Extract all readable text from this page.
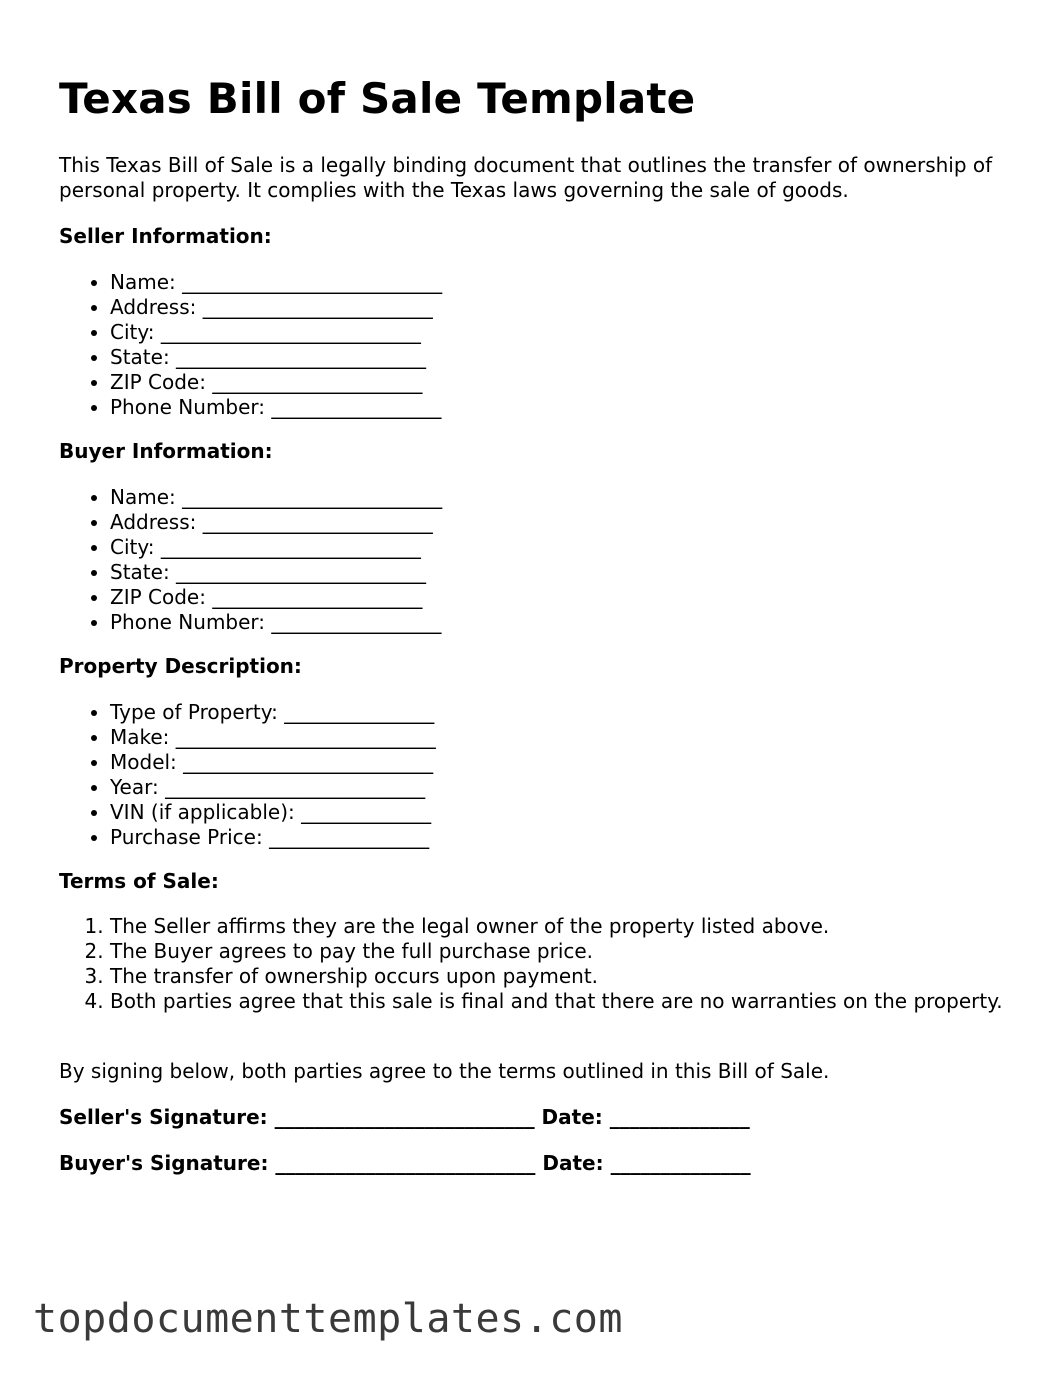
Texas Bill of Sale Template

This Texas Bill of Sale is a legally binding document that outlines the transfer of ownership of personal property. It complies with the Texas laws governing the sale of goods.

Seller Information:

• Name: __________________________
• Address: _______________________
• City: __________________________
• State: _________________________
• ZIP Code: _____________________
• Phone Number: _________________

Buyer Information:

• Name: __________________________
• Address: _______________________
• City: __________________________
• State: _________________________
• ZIP Code: _____________________
• Phone Number: _________________

Property Description:

• Type of Property: _______________
• Make: __________________________
• Model: _________________________
• Year: __________________________
• VIN (if applicable): _____________
• Purchase Price: ________________

Terms of Sale:

1. The Seller affirms they are the legal owner of the property listed above.
2. The Buyer agrees to pay the full purchase price.
3. The transfer of ownership occurs upon payment.
4. Both parties agree that this sale is final and that there are no warranties on the property.

By signing below, both parties agree to the terms outlined in this Bill of Sale.

Seller's Signature: __________________________ Date: ______________

Buyer's Signature: __________________________ Date: ______________

topdocumenttemplates.com
